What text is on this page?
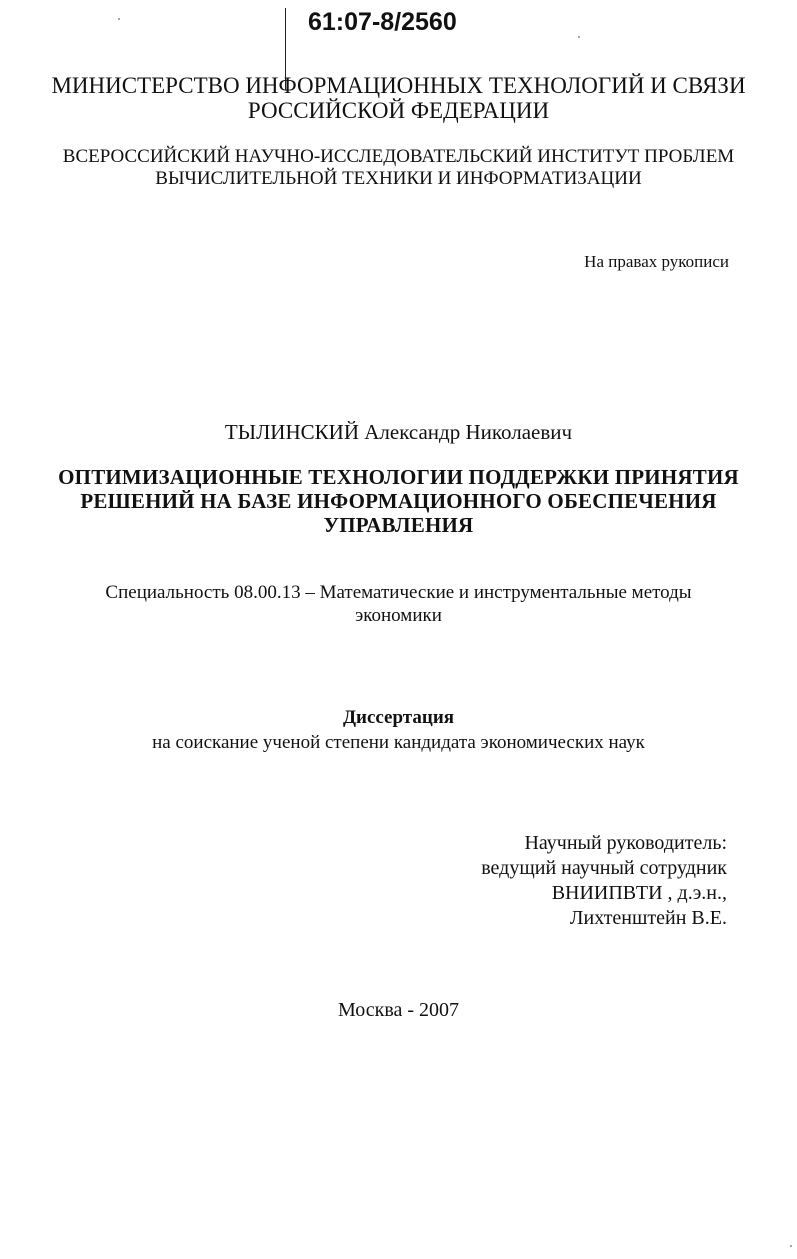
61:07-8/2560
МИНИСТЕРСТВО ИНФОРМАЦИОННЫХ ТЕХНОЛОГИЙ И СВЯЗИ
РОССИЙСКОЙ ФЕДЕРАЦИИ
ВСЕРОССИЙСКИЙ НАУЧНО-ИССЛЕДОВАТЕЛЬСКИЙ ИНСТИТУТ ПРОБЛЕМ
ВЫЧИСЛИТЕЛЬНОЙ ТЕХНИКИ И ИНФОРМАТИЗАЦИИ
На правах рукописи
ТЫЛИНСКИЙ Александр Николаевич
ОПТИМИЗАЦИОННЫЕ ТЕХНОЛОГИИ ПОДДЕРЖКИ ПРИНЯТИЯ
РЕШЕНИЙ НА БАЗЕ ИНФОРМАЦИОННОГО ОБЕСПЕЧЕНИЯ
УПРАВЛЕНИЯ
Специальность 08.00.13 – Математические и инструментальные методы
экономики
Диссертация
на соискание ученой степени кандидата экономических наук
Научный руководитель:
ведущий научный сотрудник
ВНИИПВТИ , д.э.н.,
Лихтенштейн В.Е.
Москва - 2007
